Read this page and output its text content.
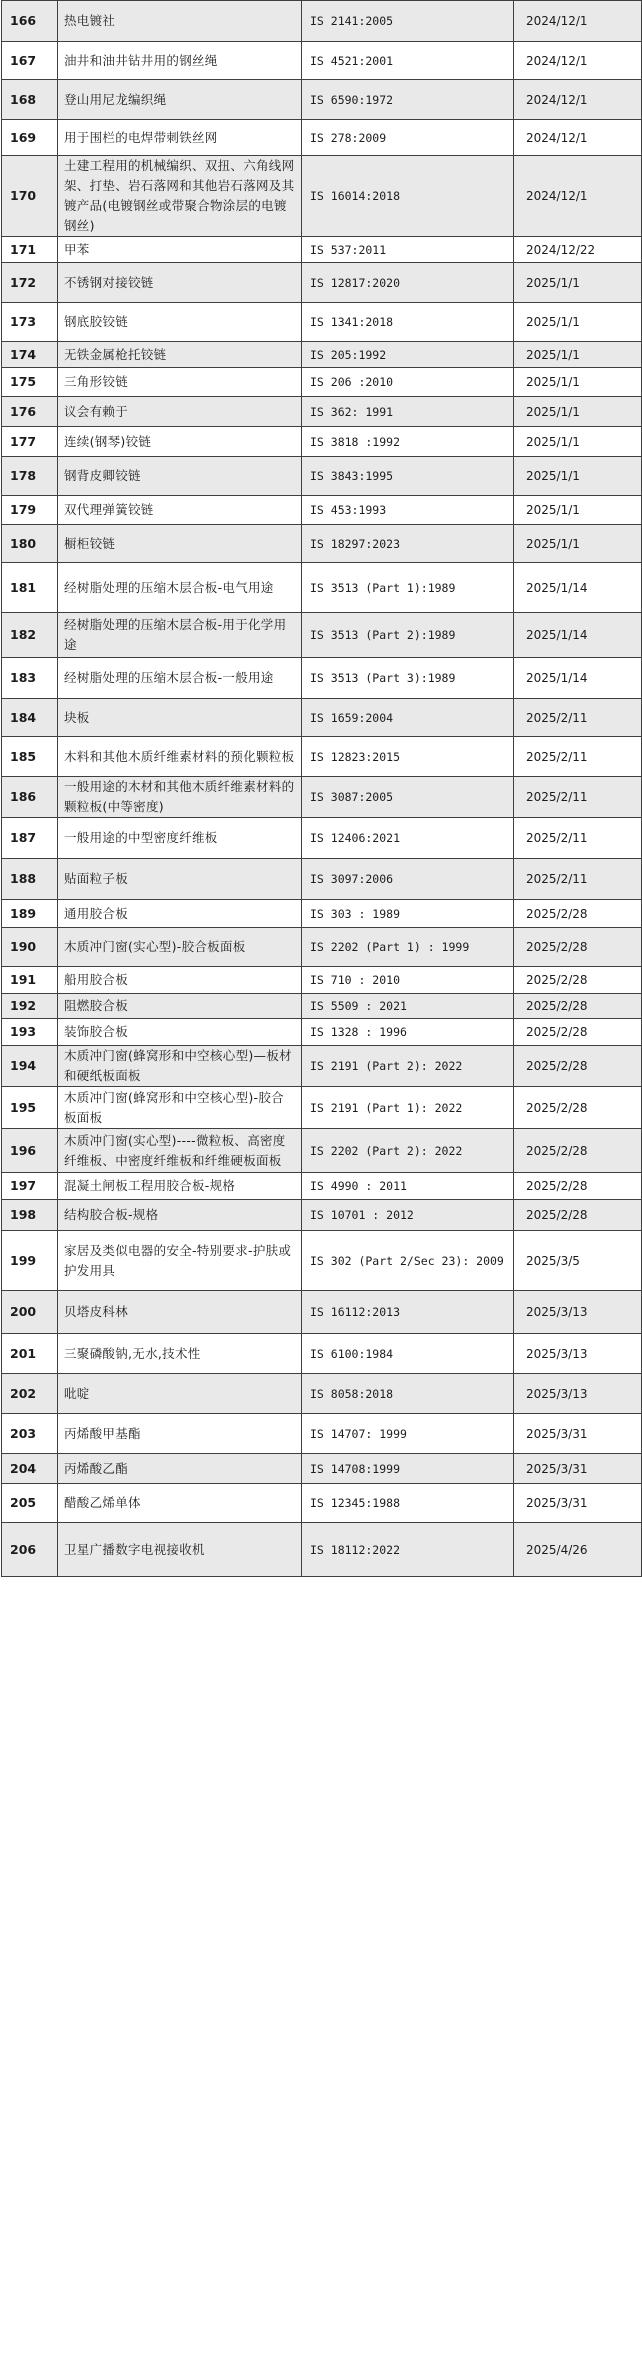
166	热电镀社	IS 2141:2005	2024/12/1
167	油井和油井钻井用的钢丝绳	IS 4521:2001	2024/12/1
168	登山用尼龙编织绳	IS 6590:1972	2024/12/1
169	用于围栏的电焊带刺铁丝网	IS 278:2009	2024/12/1
170	土建工程用的机械编织、双扭、六角线网架、打垫、岩石落网和其他岩石落网及其镀产品(电镀钢丝或带聚合物涂层的电镀钢丝)	IS 16014:2018	2024/12/1
171	甲苯	IS 537:2011	2024/12/22
172	不锈钢对接铰链	IS 12817:2020	2025/1/1
173	钢底胶铰链	IS 1341:2018	2025/1/1
174	无铁金属枪托铰链	IS 205:1992	2025/1/1
175	三角形铰链	IS 206 :2010	2025/1/1
176	议会有赖于	IS 362: 1991	2025/1/1
177	连续(钢琴)铰链	IS 3818 :1992	2025/1/1
178	钢背皮卿铰链	IS 3843:1995	2025/1/1
179	双代理弹簧铰链	IS 453:1993	2025/1/1
180	橱柜铰链	IS 18297:2023	2025/1/1
181	经树脂处理的压缩木层合板-电气用途	IS 3513 (Part 1):1989	2025/1/14
182	经树脂处理的压缩木层合板-用于化学用途	IS 3513 (Part 2):1989	2025/1/14
183	经树脂处理的压缩木层合板-一般用途	IS 3513 (Part 3):1989	2025/1/14
184	块板	IS 1659:2004	2025/2/11
185	木料和其他木质纤维素材料的预化颗粒板	IS 12823:2015	2025/2/11
186	一般用途的木材和其他木质纤维素材料的颗粒板(中等密度)	IS 3087:2005	2025/2/11
187	一般用途的中型密度纤维板	IS 12406:2021	2025/2/11
188	贴面粒子板	IS 3097:2006	2025/2/11
189	通用胶合板	IS 303 : 1989	2025/2/28
190	木质冲门窗(实心型)-胶合板面板	IS 2202 (Part 1) : 1999	2025/2/28
191	船用胶合板	IS 710 : 2010	2025/2/28
192	阻燃胶合板	IS 5509 : 2021	2025/2/28
193	装饰胶合板	IS 1328 : 1996	2025/2/28
194	木质冲门窗(蜂窝形和中空核心型)—板材和硬纸板面板	IS 2191 (Part 2): 2022	2025/2/28
195	木质冲门窗(蜂窝形和中空核心型)-胶合板面板	IS 2191 (Part 1): 2022	2025/2/28
196	木质冲门窗(实心型)----微粒板、高密度纤维板、中密度纤维板和纤维硬板面板	IS 2202 (Part 2): 2022	2025/2/28
197	混凝土闸板工程用胶合板-规格	IS 4990 : 2011	2025/2/28
198	结构胶合板-规格	IS 10701 : 2012	2025/2/28
199	家居及类似电器的安全-特别要求-护肤或护发用具	IS 302 (Part 2/Sec 23): 2009	2025/3/5
200	贝塔皮科林	IS 16112:2013	2025/3/13
201	三聚磷酸钠,无水,技术性	IS 6100:1984	2025/3/13
202	吡啶	IS 8058:2018	2025/3/13
203	丙烯酸甲基酯	IS 14707: 1999	2025/3/31
204	丙烯酸乙酯	IS 14708:1999	2025/3/31
205	醋酸乙烯单体	IS 12345:1988	2025/3/31
206	卫星广播数字电视接收机	IS 18112:2022	2025/4/26
